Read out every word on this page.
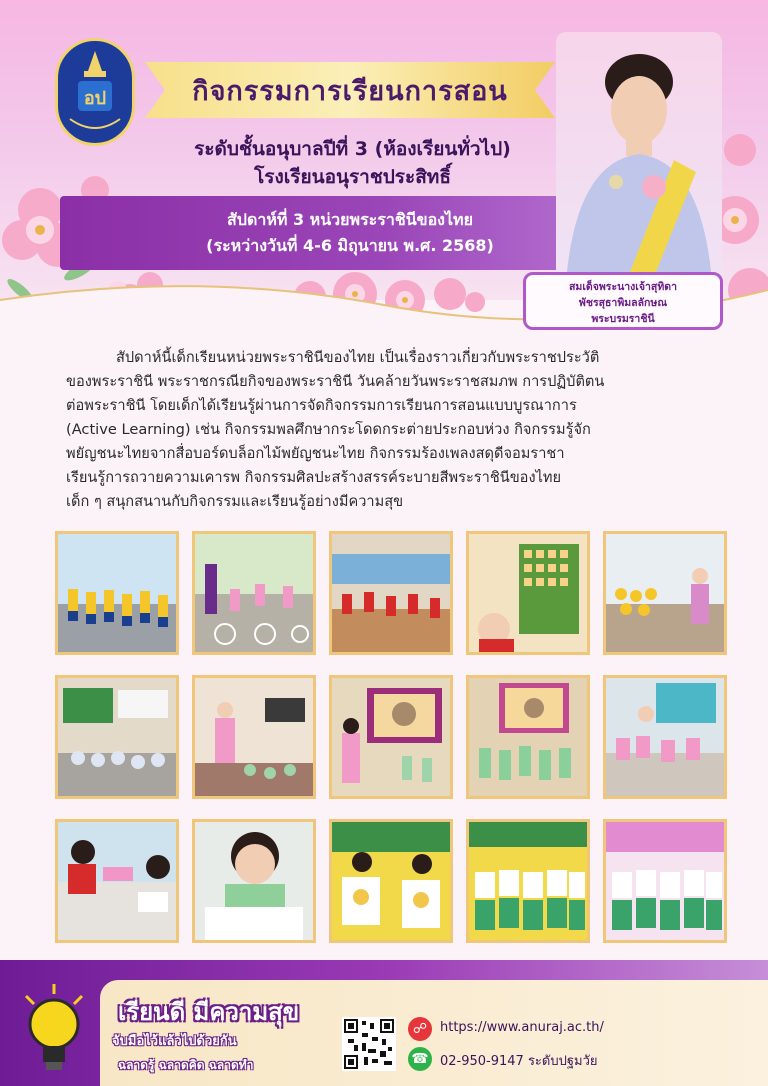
อป	กิจกรรมการเรียนการสอน
ระดับชั้นอนุบาลปีที่ 3 (ห้องเรียนทั่วไป)
โรงเรียนอนุราชประสิทธิ์
สัปดาห์ที่ 3 หน่วยพระราชินีของไทย
(ระหว่างวันที่ 4-6 มิถุนายน พ.ศ. 2568)
สมเด็จพระนางเจ้าสุทิดา
พัชรสุธาพิมลลักษณ
พระบรมราชินี

สัปดาห์นี้เด็กเรียนหน่วยพระราชินีของไทย เป็นเรื่องราวเกี่ยวกับพระราชประวัติ

ของพระราชินี พระราชกรณียกิจของพระราชินี วันคล้ายวันพระราชสมภพ การปฏิบัติตน

ต่อพระราชินี โดยเด็กได้เรียนรู้ผ่านการจัดกิจกรรมการเรียนการสอนแบบบูรณาการ

(Active Learning) เช่น กิจกรรมพลศึกษากระโดดกระต่ายประกอบห่วง กิจกรรมรู้จัก

พยัญชนะไทยจากสื่อบอร์ดบล็อกไม้พยัญชนะไทย กิจกรรมร้องเพลงสดุดีจอมราชา

เรียนรู้การถวายความเคารพ กิจกรรมศิลปะสร้างสรรค์ระบายสีพระราชินีของไทย

เด็ก ๆ สนุกสนานกับกิจกรรมและเรียนรู้อย่างมีความสุข

เรียนดี มีความสุข
จับมือไว้แล้วไปด้วยกัน
ฉลาดรู้ ฉลาดคิด ฉลาดทำ
☍ https://www.anuraj.ac.th/
☎ 02-950-9147 ระดับปฐมวัย
